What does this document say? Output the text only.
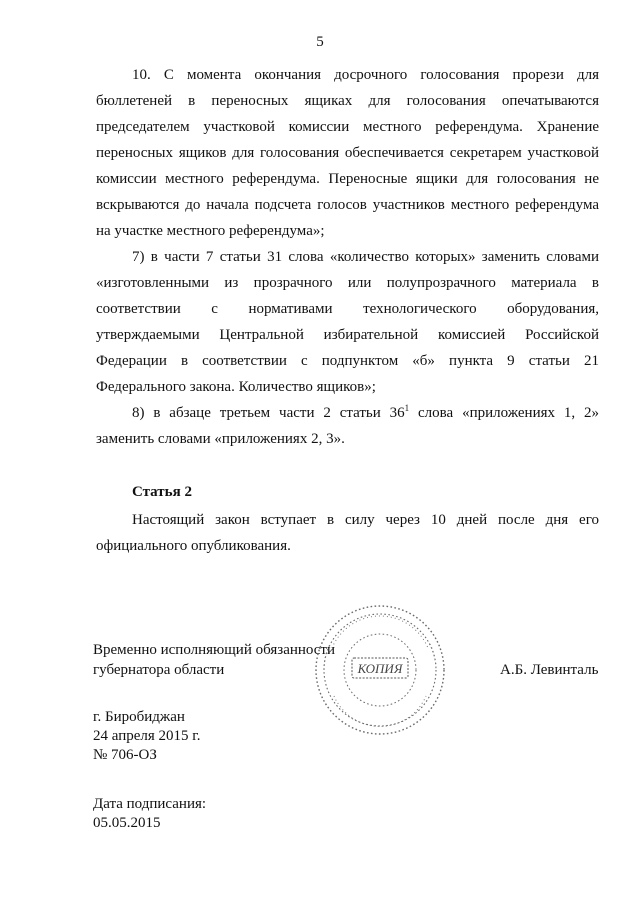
5

10. С момента окончания досрочного голосования прорези для бюллетеней в переносных ящиках для голосования опечатываются председателем участковой комиссии местного референдума. Хранение переносных ящиков для голосования обеспечивается секретарем участковой комиссии местного референдума. Переносные ящики для голосования не вскрываются до начала подсчета голосов участников местного референдума на участке местного референдума»;

7) в части 7 статьи 31 слова «количество которых» заменить словами «изготовленными из прозрачного или полупрозрачного материала в соответствии с нормативами технологического оборудования, утверждаемыми Центральной избирательной комиссией Российской Федерации в соответствии с подпунктом «б» пункта 9 статьи 21 Федерального закона. Количество ящиков»;

8) в абзаце третьем части 2 статьи $36^1$ слова «приложениях 1, 2» заменить словами «приложениях 2, 3».

Статья 2

Настоящий закон вступает в силу через 10 дней после дня его официального опубликования.

Временно исполняющий обязанности
губернатора области	А.Б. Левинталь
КОПИЯ
г. Биробиджан
24 апреля 2015 г.
№ 706-ОЗ
Дата подписания:
05.05.2015
